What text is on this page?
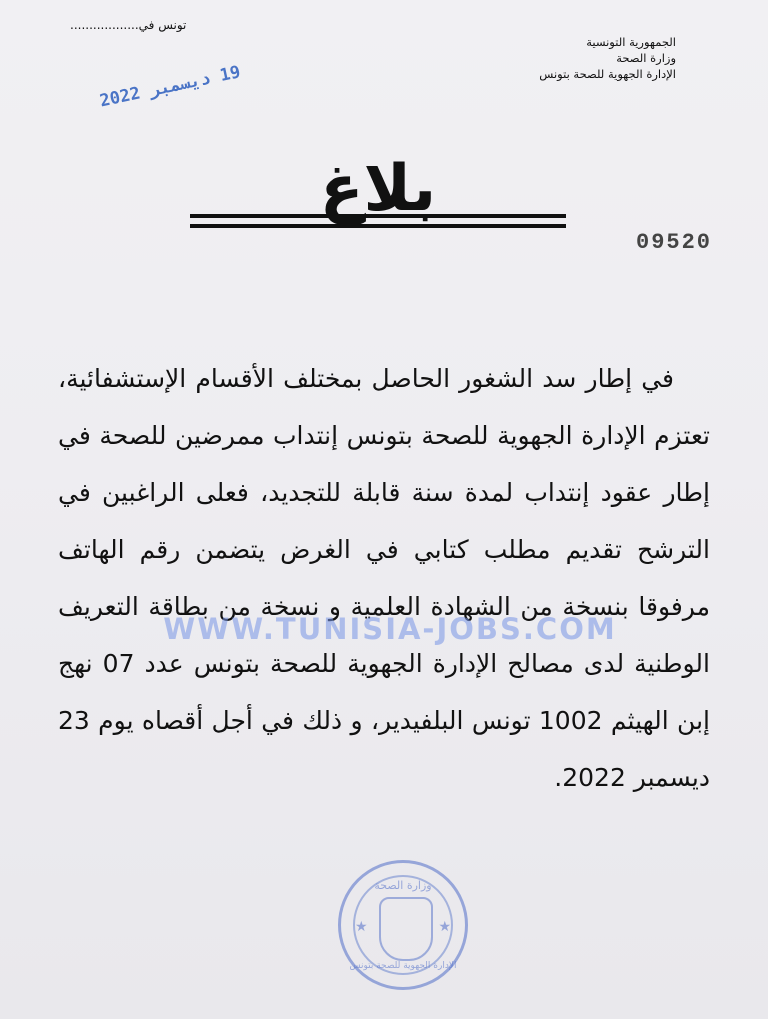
تونس في..................
الجمهورية التونسية
وزارة الصحة
الإدارة الجهوية للصحة بتونس
19 ديسمبر 2022
بلاغ
09520

في إطار سد الشغور الحاصل بمختلف الأقسام الإستشفائية، تعتزم الإدارة الجهوية للصحة بتونس إنتداب ممرضين للصحة في إطار عقود إنتداب لمدة سنة قابلة للتجديد، فعلى الراغبين في الترشح تقديم مطلب كتابي في الغرض يتضمن رقم الهاتف مرفوقا بنسخة من الشهادة العلمية و نسخة من بطاقة التعريف الوطنية لدى مصالح الإدارة الجهوية للصحة بتونس عدد 07 نهج إبن الهيثم 1002 تونس البلفيدير، و ذلك في أجل أقصاه يوم 23 ديسمبر 2022.

WWW.TUNISIA-JOBS.COM
وزارة الصحة
★	★
الإدارة الجهوية للصحة بتونس
